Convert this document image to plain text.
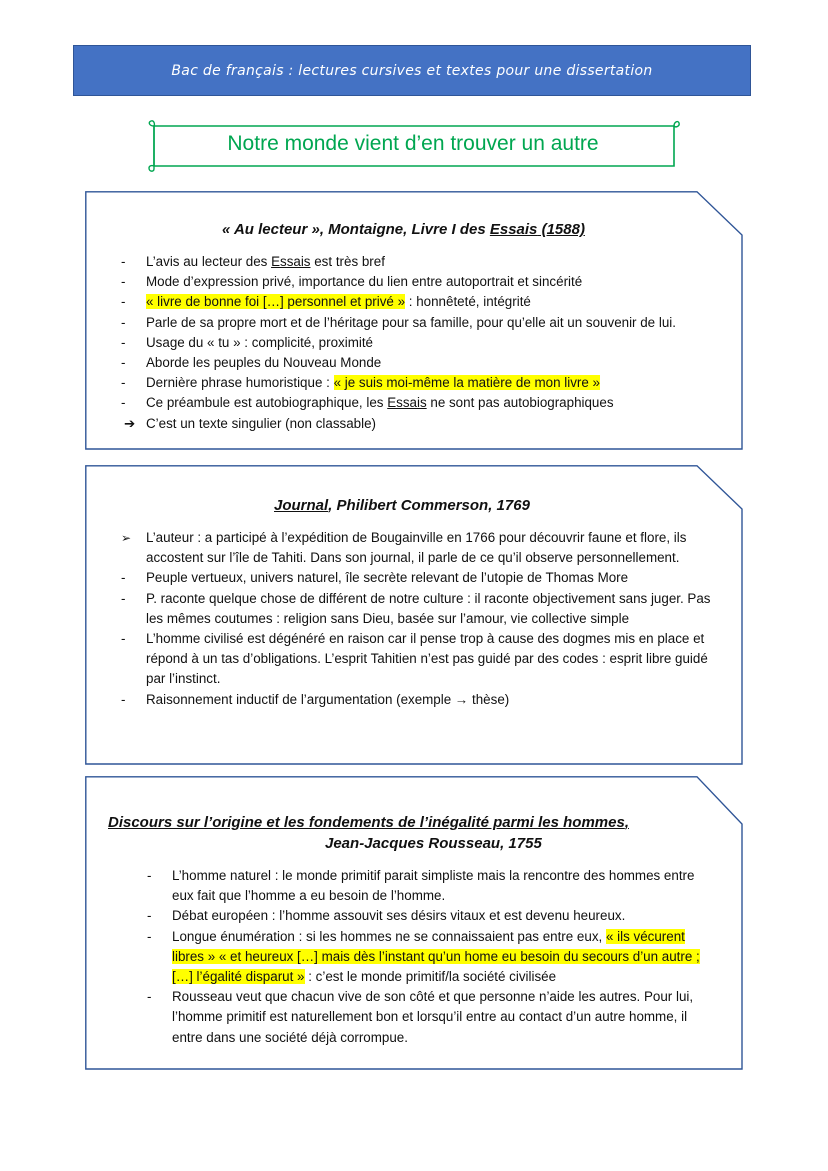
Bac de français : lectures cursives et textes pour une dissertation
Notre monde vient d’en trouver un autre
« Au lecteur », Montaigne, Livre I des Essais (1588)
- L’avis au lecteur des Essais est très bref
- Mode d’expression privé, importance du lien entre autoportrait et sincérité
- « livre de bonne foi […] personnel et privé » : honnêteté, intégrité
- Parle de sa propre mort et de l’héritage pour sa famille, pour qu’elle ait un souvenir de lui.
- Usage du « tu » : complicité, proximité
- Aborde les peuples du Nouveau Monde
- Dernière phrase humoristique : « je suis moi-même la matière de mon livre »
- Ce préambule est autobiographique, les Essais ne sont pas autobiographiques
➔ C’est un texte singulier (non classable)
Journal, Philibert Commerson, 1769
➢ L’auteur : a participé à l’expédition de Bougainville en 1766 pour découvrir faune et flore, ils accostent sur l’île de Tahiti. Dans son journal, il parle de ce qu’il observe personnellement.
- Peuple vertueux, univers naturel, île secrète relevant de l’utopie de Thomas More
- P. raconte quelque chose de différent de notre culture : il raconte objectivement sans juger. Pas les mêmes coutumes : religion sans Dieu, basée sur l’amour, vie collective simple
- L’homme civilisé est dégénéré en raison car il pense trop à cause des dogmes mis en place et répond à un tas d’obligations. L’esprit Tahitien n’est pas guidé par des codes : esprit libre guidé par l’instinct.
- Raisonnement inductif de l’argumentation (exemple → thèse)
Discours sur l’origine et les fondements de l’inégalité parmi les hommes,
Jean-Jacques Rousseau, 1755
- L’homme naturel : le monde primitif parait simpliste mais la rencontre des hommes entre eux fait que l’homme a eu besoin de l’homme.
- Débat européen : l’homme assouvit ses désirs vitaux et est devenu heureux.
- Longue énumération : si les hommes ne se connaissaient pas entre eux, « ils vécurent libres » « et heureux […] mais dès l’instant qu’un home eu besoin du secours d’un autre ; […] l’égalité disparut » : c’est le monde primitif/la société civilisée
- Rousseau veut que chacun vive de son côté et que personne n’aide les autres. Pour lui, l’homme primitif est naturellement bon et lorsqu’il entre au contact d’un autre homme, il entre dans une société déjà corrompue.
